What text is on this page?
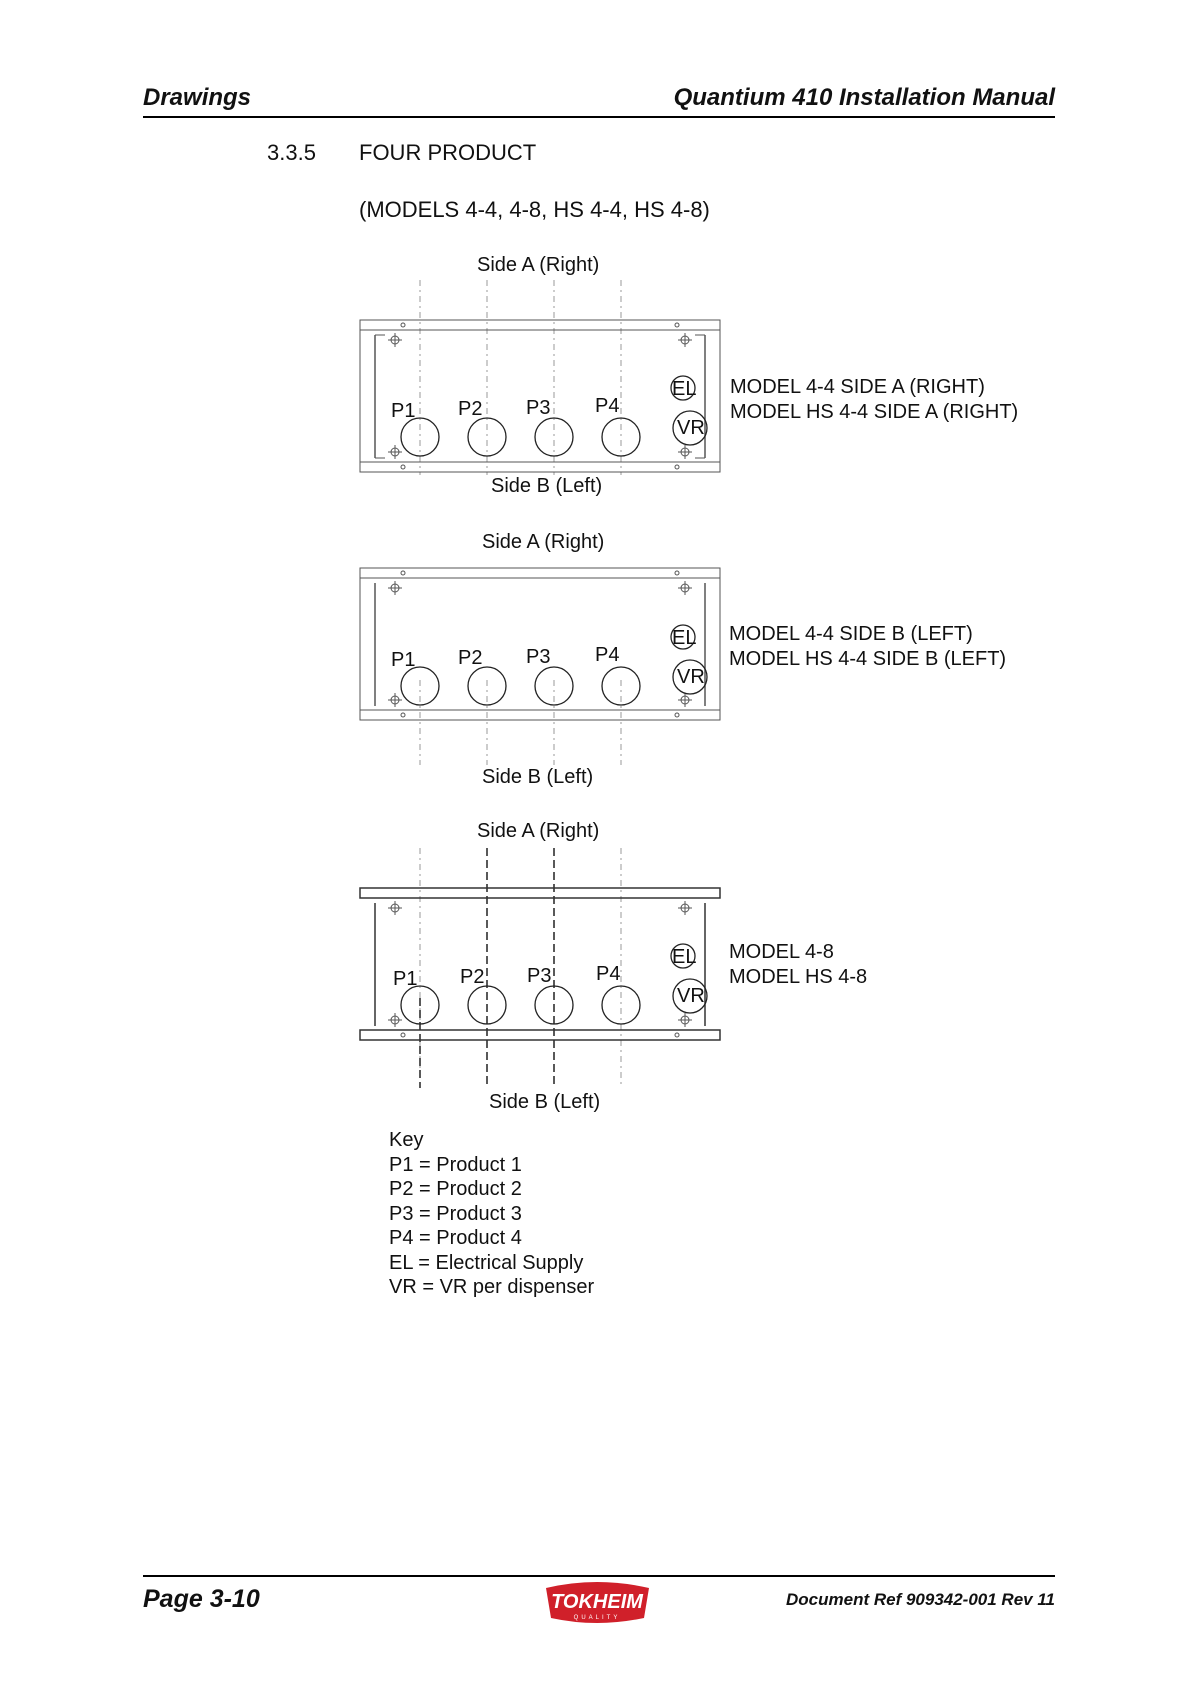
Drawings	Quantium 410 Installation Manual
3.3.5 FOUR PRODUCT
(MODELS 4-4, 4-8, HS 4-4, HS 4-8)
Side A (Right)
P1 P2 P3 P4
EL
VR
Side B (Left)
MODEL 4-4 SIDE A (RIGHT)
MODEL HS 4-4 SIDE A (RIGHT)
Side A (Right)
P1 P2 P3 P4
EL
VR
Side B (Left)
MODEL 4-4 SIDE B (LEFT)
MODEL HS 4-4 SIDE B (LEFT)
Side A (Right)
P1 P2 P3 P4
EL
VR
Side B (Left)
MODEL 4-8
MODEL HS 4-8
Key
P1 = Product 1
P2 = Product 2
P3 = Product 3
P4 = Product 4
EL = Electrical Supply
VR = VR per dispenser
Page 3-10	TOKHEIM
QUALITY
Document Ref 909342-001 Rev 11
